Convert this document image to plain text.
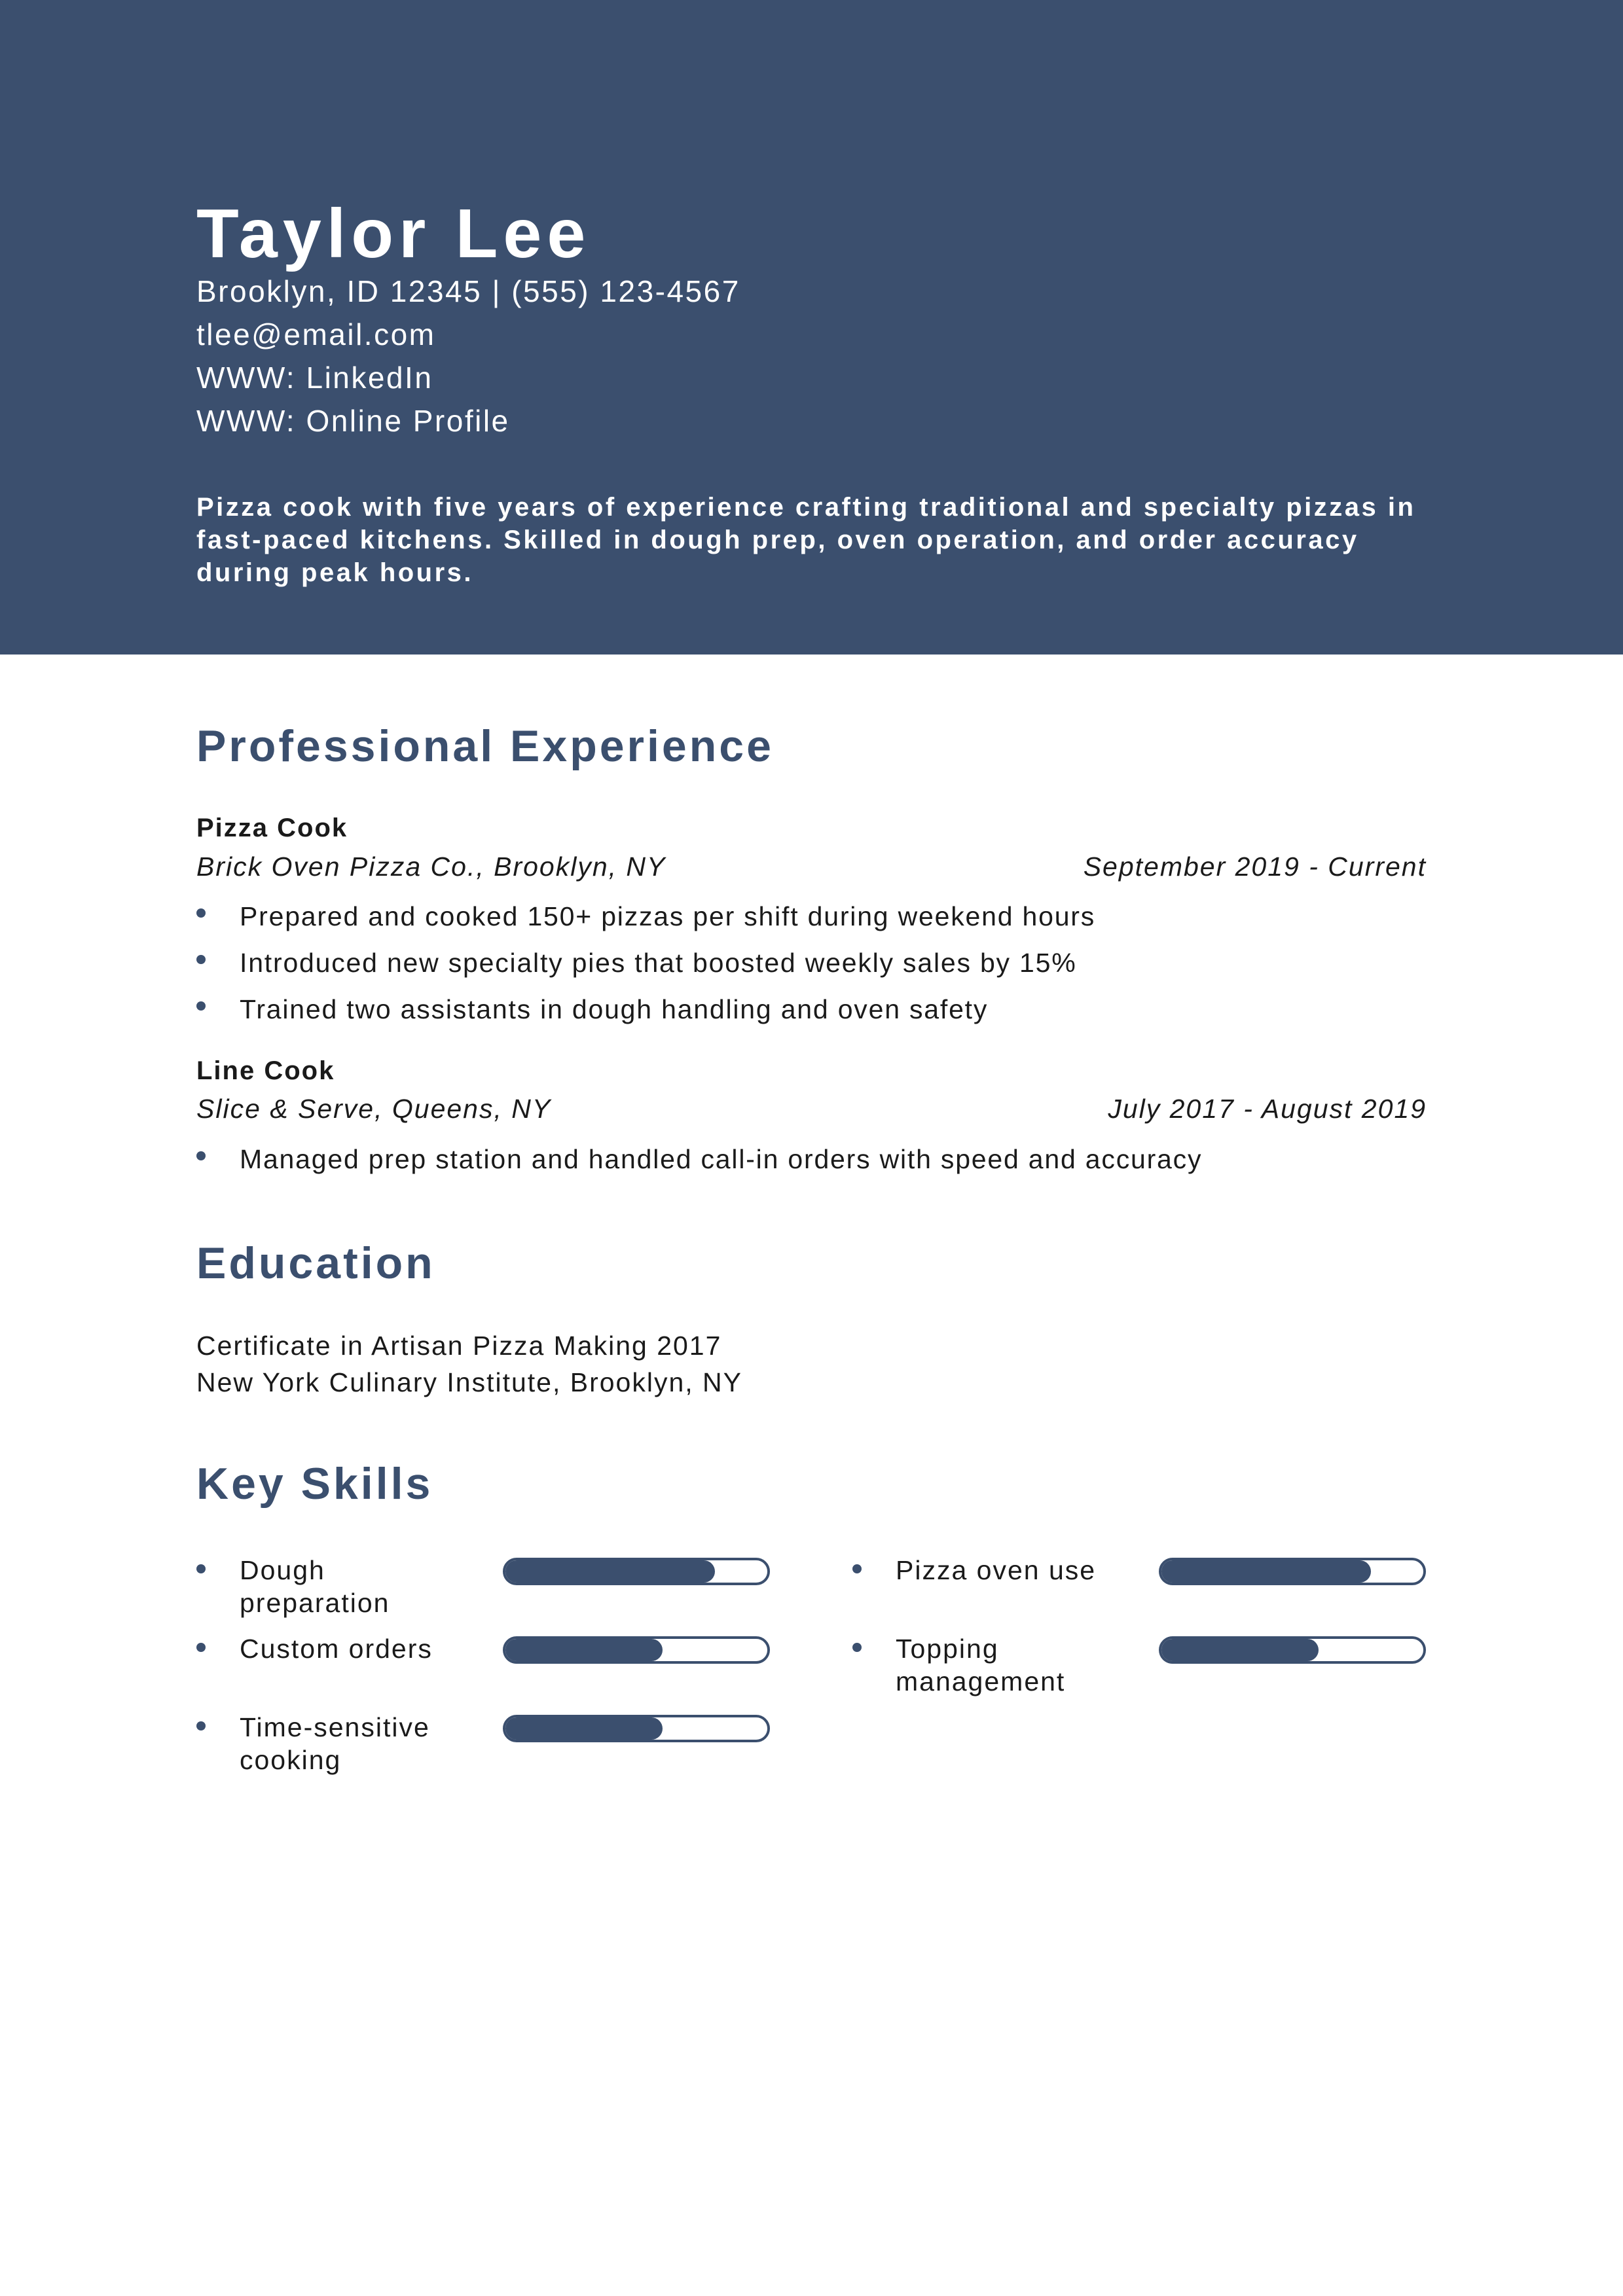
Taylor Lee
Brooklyn, ID 12345 | (555) 123-4567
tlee@email.com
WWW: LinkedIn
WWW: Online Profile
Pizza cook with five years of experience crafting traditional and specialty pizzas in fast-paced kitchens. Skilled in dough prep, oven operation, and order accuracy during peak hours.
Professional Experience
Pizza Cook
Brick Oven Pizza Co., Brooklyn, NY	September 2019 - Current
Prepared and cooked 150+ pizzas per shift during weekend hours
Introduced new specialty pies that boosted weekly sales by 15%
Trained two assistants in dough handling and oven safety
Line Cook
Slice & Serve, Queens, NY	July 2017 - August 2019
Managed prep station and handled call-in orders with speed and accuracy
Education
Certificate in Artisan Pizza Making 2017
New York Culinary Institute, Brooklyn, NY
Key Skills
Dough preparation
Pizza oven use
Custom orders	Topping management
Time-sensitive cooking
